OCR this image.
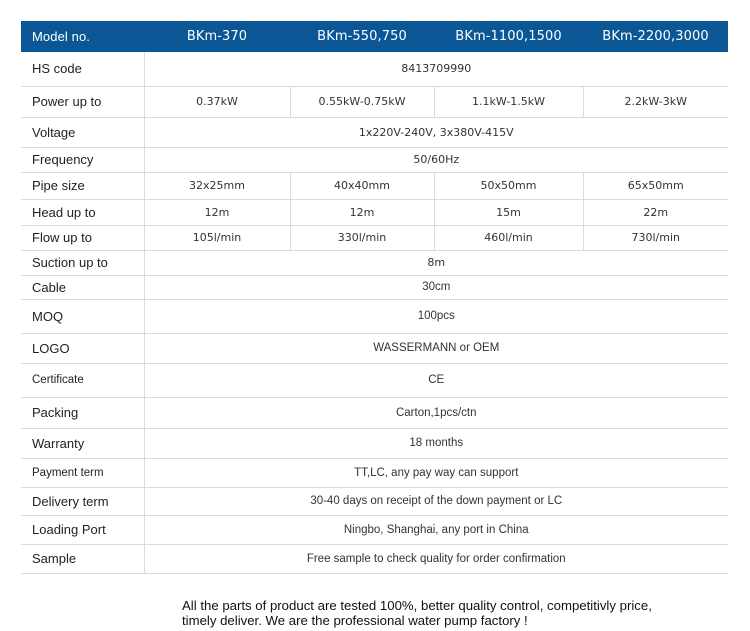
Model no.	BKm-370	BKm-550,750	BKm-1100,1500	BKm-2200,3000
HS code	8413709990			
Power up to	0.37kW	0.55kW-0.75kW	1.1kW-1.5kW	2.2kW-3kW
Voltage	1x220V-240V, 3x380V-415V			
Frequency	50/60Hz			
Pipe size	32x25mm	40x40mm	50x50mm	65x50mm
Head up to	12m	12m	15m	22m
Flow up to	105l/min	330l/min	460l/min	730l/min
Suction up to	8m			
Cable	30cm			
MOQ	100pcs			
LOGO	WASSERMANN or OEM			
Certificate	CE			
Packing	Carton,1pcs/ctn			
Warranty	18 months			
Payment term	TT,LC, any pay way can support			
Delivery term	30-40 days on receipt of the down payment or LC			
Loading Port	Ningbo, Shanghai, any port in China			
Sample	Free sample to check quality for order confirmation			
All the parts of product are tested 100%, better quality control, competitivly price,
timely deliver. We are the professional water pump factory !
